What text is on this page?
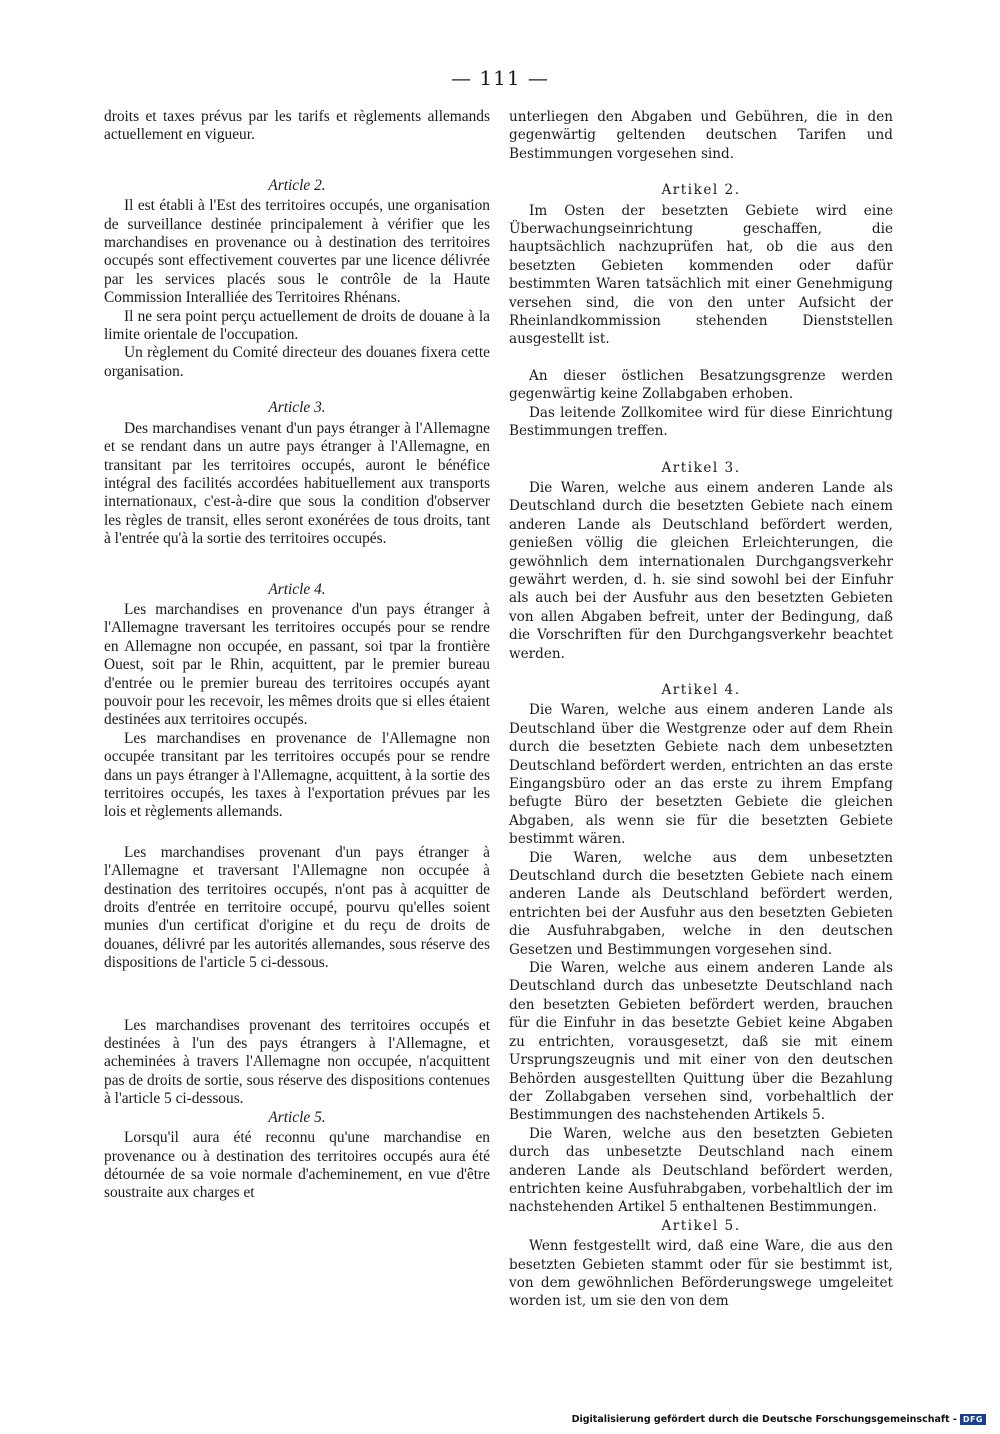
— 111 —

droits et taxes prévus par les tarifs et règlements allemands actuellement en vigueur.

Article 2.

Il est établi à l'Est des territoires occupés, une organisation de surveillance destinée principalement à vérifier que les marchandises en provenance ou à destination des territoires occupés sont effectivement couvertes par une licence délivrée par les services placés sous le contrôle de la Haute Commission Interalliée des Territoires Rhénans.

Il ne sera point perçu actuellement de droits de douane à la limite orientale de l'occupation.

Un règlement du Comité directeur des douanes fixera cette organisation.

Article 3.

Des marchandises venant d'un pays étranger à l'Allemagne et se rendant dans un autre pays étranger à l'Allemagne, en transitant par les territoires occupés, auront le bénéfice intégral des facilités accordées habituellement aux transports internationaux, c'est-à-dire que sous la condition d'observer les règles de transit, elles seront exonérées de tous droits, tant à l'entrée qu'à la sortie des territoires occupés.

Article 4.

Les marchandises en provenance d'un pays étranger à l'Allemagne traversant les territoires occupés pour se rendre en Allemagne non occupée, en passant, soi tpar la frontière Ouest, soit par le Rhin, acquittent, par le premier bureau d'entrée ou le premier bureau des territoires occupés ayant pouvoir pour les recevoir, les mêmes droits que si elles étaient destinées aux territoires occupés.

Les marchandises en provenance de l'Allemagne non occupée transitant par les territoires occupés pour se rendre dans un pays étranger à l'Allemagne, acquittent, à la sortie des territoires occupés, les taxes à l'exportation prévues par les lois et règlements allemands.

Les marchandises provenant d'un pays étranger à l'Allemagne et traversant l'Allemagne non occupée à destination des territoires occupés, n'ont pas à acquitter de droits d'entrée en territoire occupé, pourvu qu'elles soient munies d'un certificat d'origine et du reçu de droits de douanes, délivré par les autorités allemandes, sous réserve des dispositions de l'article 5 ci-dessous.

Les marchandises provenant des territoires occupés et destinées à l'un des pays étrangers à l'Allemagne, et acheminées à travers l'Allemagne non occupée, n'acquittent pas de droits de sortie, sous réserve des dispositions contenues à l'article 5 ci-dessous.

Article 5.

Lorsqu'il aura été reconnu qu'une marchandise en provenance ou à destination des territoires occupés aura été détournée de sa voie normale d'acheminement, en vue d'être soustraite aux charges et

unterliegen den Abgaben und Gebühren, die in den gegenwärtig geltenden deutschen Tarifen und Bestimmungen vorgesehen sind.

Artikel 2.

Im Osten der besetzten Gebiete wird eine Überwachungseinrichtung geschaffen, die hauptsächlich nachzuprüfen hat, ob die aus den besetzten Gebieten kommenden oder dafür bestimmten Waren tatsächlich mit einer Genehmigung versehen sind, die von den unter Aufsicht der Rheinlandkommission stehenden Dienststellen ausgestellt ist.

An dieser östlichen Besatzungsgrenze werden gegenwärtig keine Zollabgaben erhoben.

Das leitende Zollkomitee wird für diese Einrichtung Bestimmungen treffen.

Artikel 3.

Die Waren, welche aus einem anderen Lande als Deutschland durch die besetzten Gebiete nach einem anderen Lande als Deutschland befördert werden, genießen völlig die gleichen Erleichterungen, die gewöhnlich dem internationalen Durchgangsverkehr gewährt werden, d. h. sie sind sowohl bei der Einfuhr als auch bei der Ausfuhr aus den besetzten Gebieten von allen Abgaben befreit, unter der Bedingung, daß die Vorschriften für den Durchgangsverkehr beachtet werden.

Artikel 4.

Die Waren, welche aus einem anderen Lande als Deutschland über die Westgrenze oder auf dem Rhein durch die besetzten Gebiete nach dem unbesetzten Deutschland befördert werden, entrichten an das erste Eingangsbüro oder an das erste zu ihrem Empfang befugte Büro der besetzten Gebiete die gleichen Abgaben, als wenn sie für die besetzten Gebiete bestimmt wären.

Die Waren, welche aus dem unbesetzten Deutschland durch die besetzten Gebiete nach einem anderen Lande als Deutschland befördert werden, entrichten bei der Ausfuhr aus den besetzten Gebieten die Ausfuhrabgaben, welche in den deutschen Gesetzen und Bestimmungen vorgesehen sind.

Die Waren, welche aus einem anderen Lande als Deutschland durch das unbesetzte Deutschland nach den besetzten Gebieten befördert werden, brauchen für die Einfuhr in das besetzte Gebiet keine Abgaben zu entrichten, vorausgesetzt, daß sie mit einem Ursprungszeugnis und mit einer von den deutschen Behörden ausgestellten Quittung über die Bezahlung der Zollabgaben versehen sind, vorbehaltlich der Bestimmungen des nachstehenden Artikels 5.

Die Waren, welche aus den besetzten Gebieten durch das unbesetzte Deutschland nach einem anderen Lande als Deutschland befördert werden, entrichten keine Ausfuhrabgaben, vorbehaltlich der im nachstehenden Artikel 5 enthaltenen Bestimmungen.

Artikel 5.

Wenn festgestellt wird, daß eine Ware, die aus den besetzten Gebieten stammt oder für sie bestimmt ist, von dem gewöhnlichen Beförderungswege umgeleitet worden ist, um sie den von dem

Digitalisierung gefördert durch die Deutsche Forschungsgemeinschaft - DFG
